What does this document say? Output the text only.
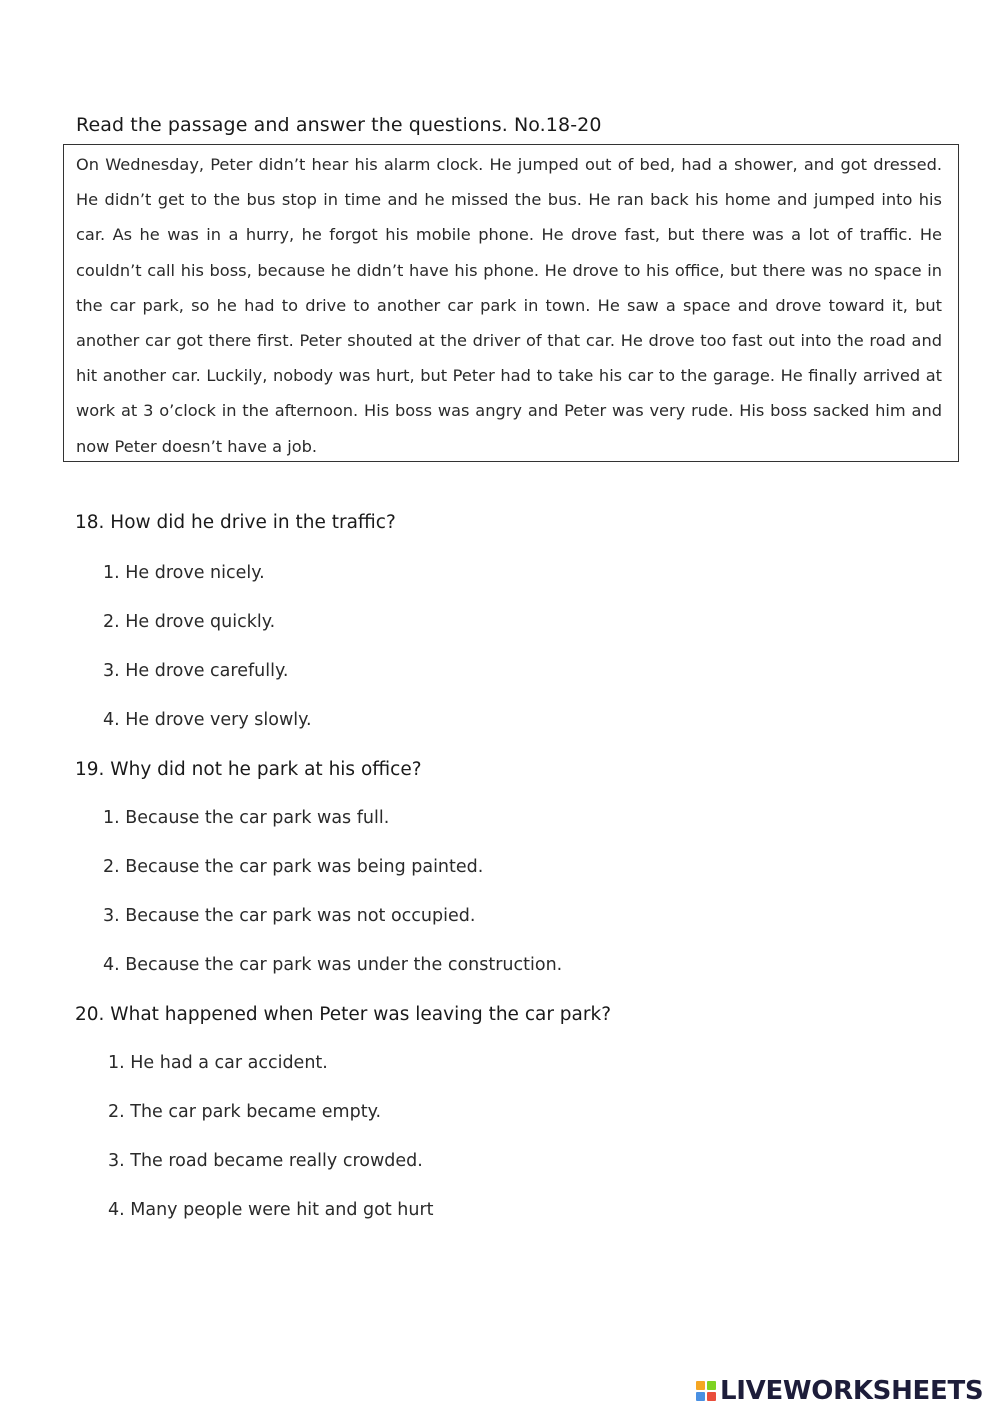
Read the passage and answer the questions. No.18-20

On Wednesday, Peter didn’t hear his alarm clock. He jumped out of bed, had a shower, and got dressed. He didn’t get to the bus stop in time and he missed the bus. He ran back his home and jumped into his car. As he was in a hurry, he forgot his mobile phone. He drove fast, but there was a lot of traffic. He couldn’t call his boss, because he didn’t have his phone. He drove to his office, but there was no space in the car park, so he had to drive to another car park in town. He saw a space and drove toward it, but another car got there first. Peter shouted at the driver of that car. He drove too fast out into the road and hit another car. Luckily, nobody was hurt, but Peter had to take his car to the garage. He finally arrived at work at 3 o’clock in the afternoon. His boss was angry and Peter was very rude. His boss sacked him and now Peter doesn’t have a job.

18. How did he drive in the traffic?
1. He drove nicely.
2. He drove quickly.
3. He drove carefully.
4. He drove very slowly.
19. Why did not he park at his office?
1. Because the car park was full.
2. Because the car park was being painted.
3. Because the car park was not occupied.
4. Because the car park was under the construction.
20. What happened when Peter was leaving the car park?
1. He had a car accident.
2. The car park became empty.
3. The road became really crowded.
4. Many people were hit and got hurt
LIVEWORKSHEETS
